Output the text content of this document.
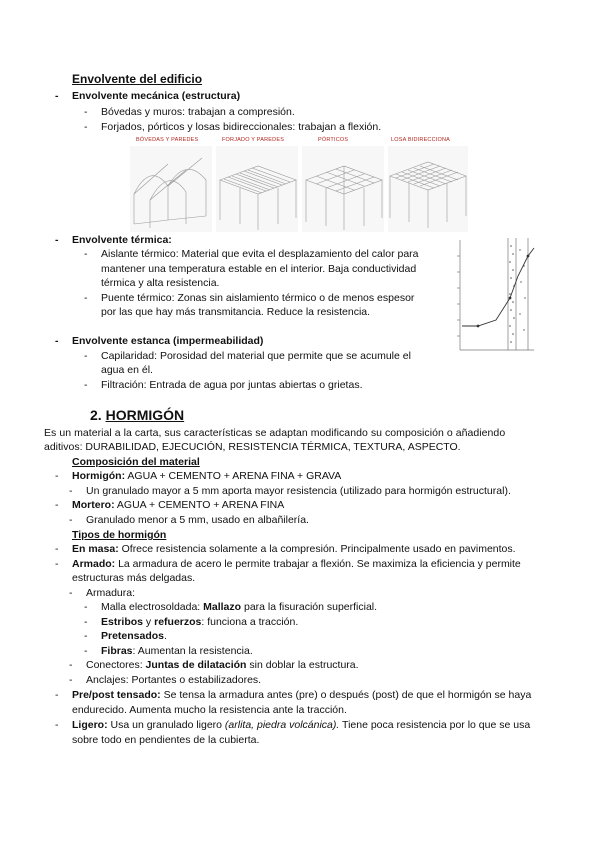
Envolvente del edificio
- Envolvente mecánica (estructura)
- Bóvedas y muros: trabajan a compresión.
- Forjados, pórticos y losas bidireccionales: trabajan a flexión.
BÓVEDAS Y PAREDES	FORJADO Y PAREDES	PÓRTICOS	LOSA BIDIRECCIONA
- Envolvente térmica:
- Aislante térmico: Material que evita el desplazamiento del calor para
mantener una temperatura estable en el interior. Baja conductividad
térmica y alta resistencia.
- Puente térmico: Zonas sin aislamiento térmico o de menos espesor
por las que hay más transmitancia. Reduce la resistencia.
- Envolvente estanca (impermeabilidad)
- Capilaridad: Porosidad del material que permite que se acumule el
agua en él.
- Filtración: Entrada de agua por juntas abiertas o grietas.
2. HORMIGÓN
Es un material a la carta, sus características se adaptan modificando su composición o añadiendo
aditivos: DURABILIDAD, EJECUCIÓN, RESISTENCIA TÉRMICA, TEXTURA, ASPECTO.
Composición del material
- Hormigón: AGUA + CEMENTO + ARENA FINA + GRAVA
- Un granulado mayor a 5 mm aporta mayor resistencia (utilizado para hormigón estructural).
- Mortero: AGUA + CEMENTO + ARENA FINA
- Granulado menor a 5 mm, usado en albañilería.
Tipos de hormigón
- En masa: Ofrece resistencia solamente a la compresión. Principalmente usado en pavimentos.
- Armado: La armadura de acero le permite trabajar a flexión. Se maximiza la eficiencia y permite
estructuras más delgadas.
- Armadura:
- Malla electrosoldada: Mallazo para la fisuración superficial.
- Estribos y refuerzos: funciona a tracción.
- Pretensados.
- Fibras: Aumentan la resistencia.
- Conectores: Juntas de dilatación sin doblar la estructura.
- Anclajes: Portantes o estabilizadores.
- Pre/post tensado: Se tensa la armadura antes (pre) o después (post) de que el hormigón se haya
endurecido. Aumenta mucho la resistencia ante la tracción.
- Ligero: Usa un granulado ligero (arlita, piedra volcánica). Tiene poca resistencia por lo que se usa
sobre todo en pendientes de la cubierta.
